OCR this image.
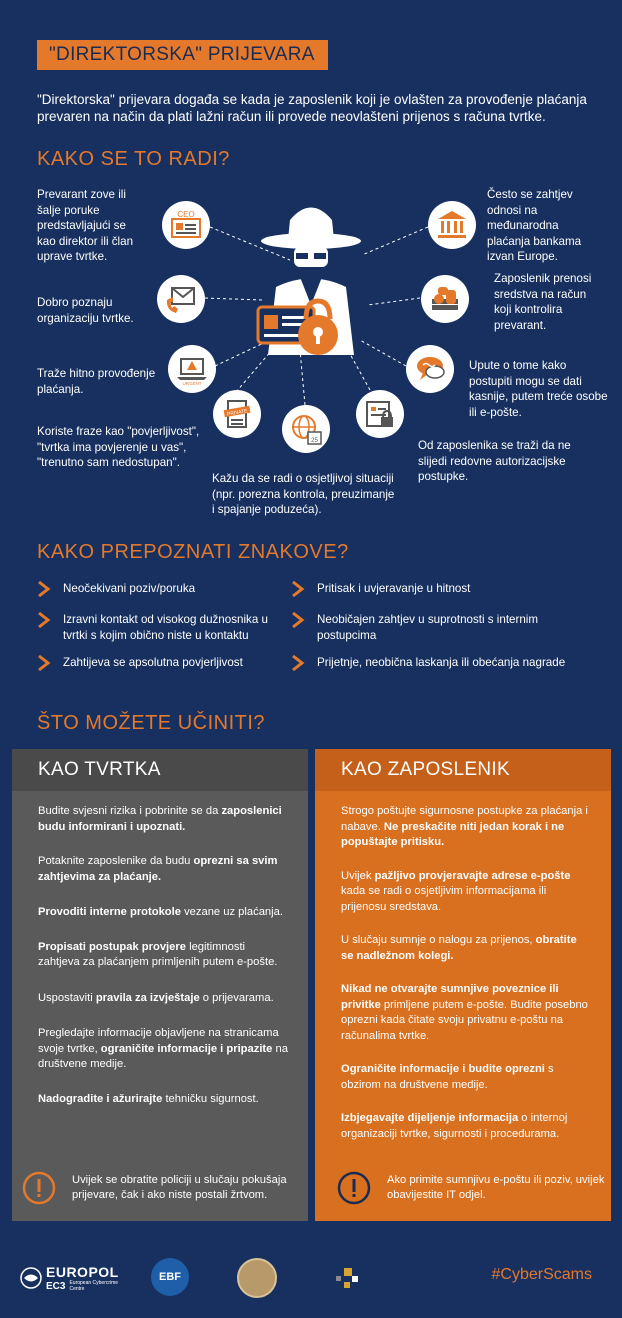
"DIREKTORSKA" PRIJEVARA
"Direktorska" prijevara događa se kada je zaposlenik koji je ovlašten za provođenje plaćanja prevaren na način da plati lažni račun ili provede neovlašteni prijenos s računa tvrtke.
KAKO SE TO RADI?
CEO
URGENT
PRIVATE
25
Prevarant zove ili šalje poruke predstavljajući se kao direktor ili član uprave tvrtke.
Dobro poznaju organizaciju tvrtke.
Traže hitno provođenje plaćanja.
Koriste fraze kao "povjerljivost", "tvrtka ima povjerenje u vas", "trenutno sam nedostupan".
Kažu da se radi o osjetljivoj situaciji (npr. porezna kontrola, preuzimanje i spajanje poduzeća).
Od zaposlenika se traži da ne slijedi redovne autorizacijske postupke.
Upute o tome kako postupiti mogu se dati kasnije, putem treće osobe ili e-pošte.
Zaposlenik prenosi sredstva na račun koji kontrolira prevarant.
Često se zahtjev odnosi na međunarodna plaćanja bankama izvan Europe.
KAKO PREPOZNATI ZNAKOVE?
Neočekivani poziv/poruka
Izravni kontakt od visokog dužnosnika u tvrtki s kojim obično niste u kontaktu
Zahtijeva se apsolutna povjerljivost
Pritisak i uvjeravanje u hitnost
Neobičajen zahtjev u suprotnosti s internim postupcima
Prijetnje, neobična laskanja ili obećanja nagrade
ŠTO MOŽETE UČINITI?
KAO TVRTKA

Budite svjesni rizika i pobrinite se da zaposlenici budu informirani i upoznati.

Potaknite zaposlenike da budu oprezni sa svim zahtjevima za plaćanje.

Provoditi interne protokole vezane uz plaćanja.

Propisati postupak provjere legitimnosti zahtjeva za plaćanjem primljenih putem e-pošte.

Uspostaviti pravila za izvještaje o prijevarama.

Pregledajte informacije objavljene na stranicama svoje tvrtke, ograničite informacije i pripazite na društvene medije.

Nadogradite i ažurirajte tehničku sigurnost.

Uvijek se obratite policiji u slučaju pokušaja prijevare, čak i ako niste postali žrtvom.
KAO ZAPOSLENIK

Strogo poštujte sigurnosne postupke za plaćanja i nabave. Ne preskačite niti jedan korak i ne popuštajte pritisku.

Uvijek pažljivo provjeravajte adrese e-pošte kada se radi o osjetljivim informacijama ili prijenosu sredstava.

U slučaju sumnje o nalogu za prijenos, obratite se nadležnom kolegi.

Nikad ne otvarajte sumnjive poveznice ili privitke primljene putem e-pošte. Budite posebno oprezni kada čitate svoju privatnu e-poštu na računalima tvrtke.

Ograničite informacije i budite oprezni s obzirom na društvene medije.

Izbjegavajte dijeljenje informacija o internoj organizaciji tvrtke, sigurnosti i procedurama.

Ako primite sumnjivu e-poštu ili poziv, uvijek obavijestite IT odjel.
EUROPOL
EC3 European Cybercrime Centre
EBF	#CyberScams
